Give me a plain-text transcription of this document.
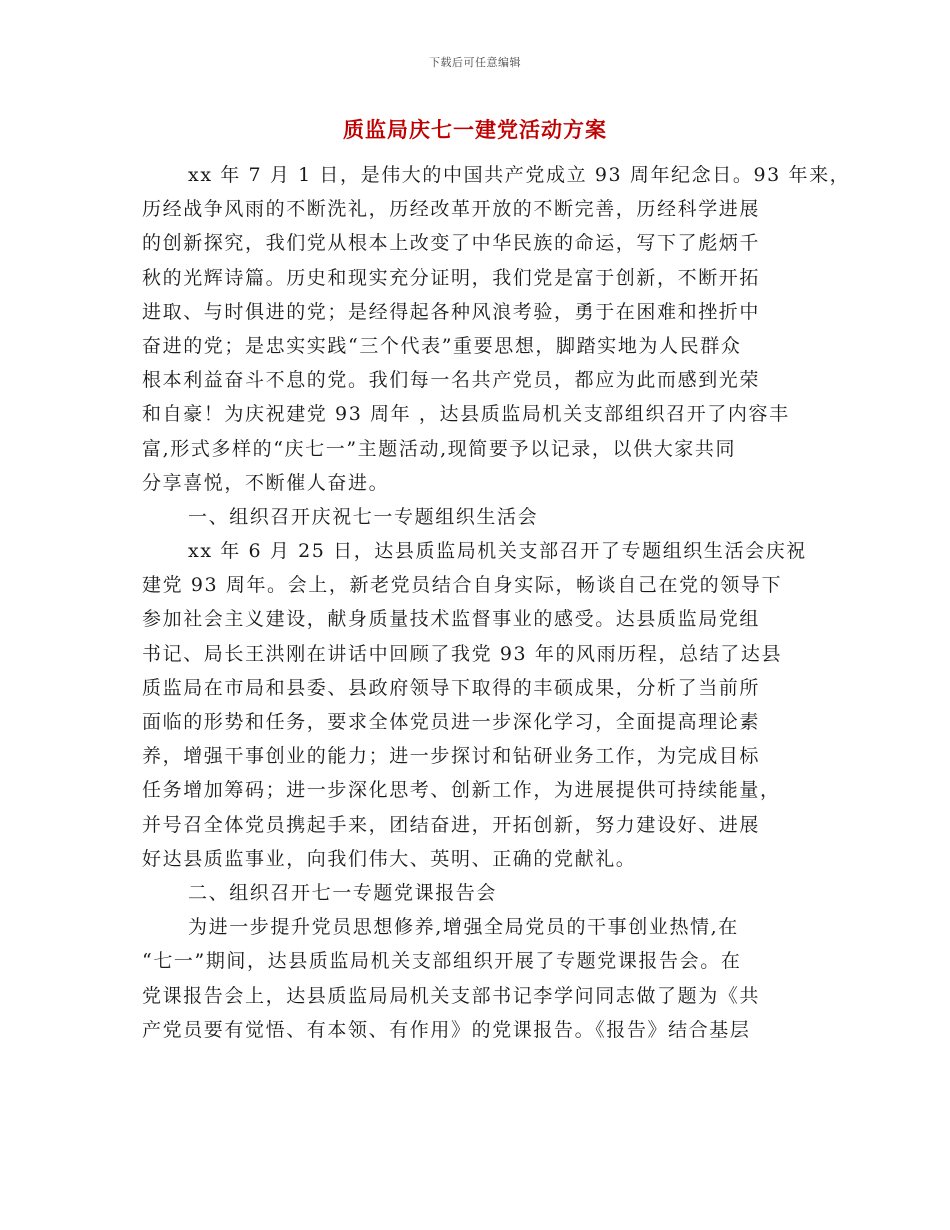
下载后可任意编辑
质监局庆七一建党活动方案
xx 年 7 月 1 日，是伟大的中国共产党成立 93 周年纪念日。93 年来，
历经战争风雨的不断洗礼，历经改革开放的不断完善，历经科学进展
的创新探究，我们党从根本上改变了中华民族的命运，写下了彪炳千
秋的光辉诗篇。历史和现实充分证明，我们党是富于创新，不断开拓
进取、与时俱进的党；是经得起各种风浪考验，勇于在困难和挫折中
奋进的党；是忠实实践“三个代表”重要思想，脚踏实地为人民群众
根本利益奋斗不息的党。我们每一名共产党员，都应为此而感到光荣
和自豪！为庆祝建党 93 周年 ，达县质监局机关支部组织召开了内容丰
富,形式多样的“庆七一”主题活动,现简要予以记录，以供大家共同
分享喜悦，不断催人奋进。
一、组织召开庆祝七一专题组织生活会
xx 年 6 月 25 日，达县质监局机关支部召开了专题组织生活会庆祝
建党 93 周年。会上，新老党员结合自身实际，畅谈自己在党的领导下
参加社会主义建设，献身质量技术监督事业的感受。达县质监局党组
书记、局长王洪刚在讲话中回顾了我党 93 年的风雨历程，总结了达县
质监局在市局和县委、县政府领导下取得的丰硕成果，分析了当前所
面临的形势和任务，要求全体党员进一步深化学习，全面提高理论素
养，增强干事创业的能力；进一步探讨和钻研业务工作，为完成目标
任务增加筹码；进一步深化思考、创新工作，为进展提供可持续能量，
并号召全体党员携起手来，团结奋进，开拓创新，努力建设好、进展
好达县质监事业，向我们伟大、英明、正确的党献礼。
二、组织召开七一专题党课报告会
为进一步提升党员思想修养,增强全局党员的干事创业热情,在
“七一”期间，达县质监局机关支部组织开展了专题党课报告会。在
党课报告会上，达县质监局局机关支部书记李学问同志做了题为《共
产党员要有觉悟、有本领、有作用》的党课报告。《报告》结合基层
